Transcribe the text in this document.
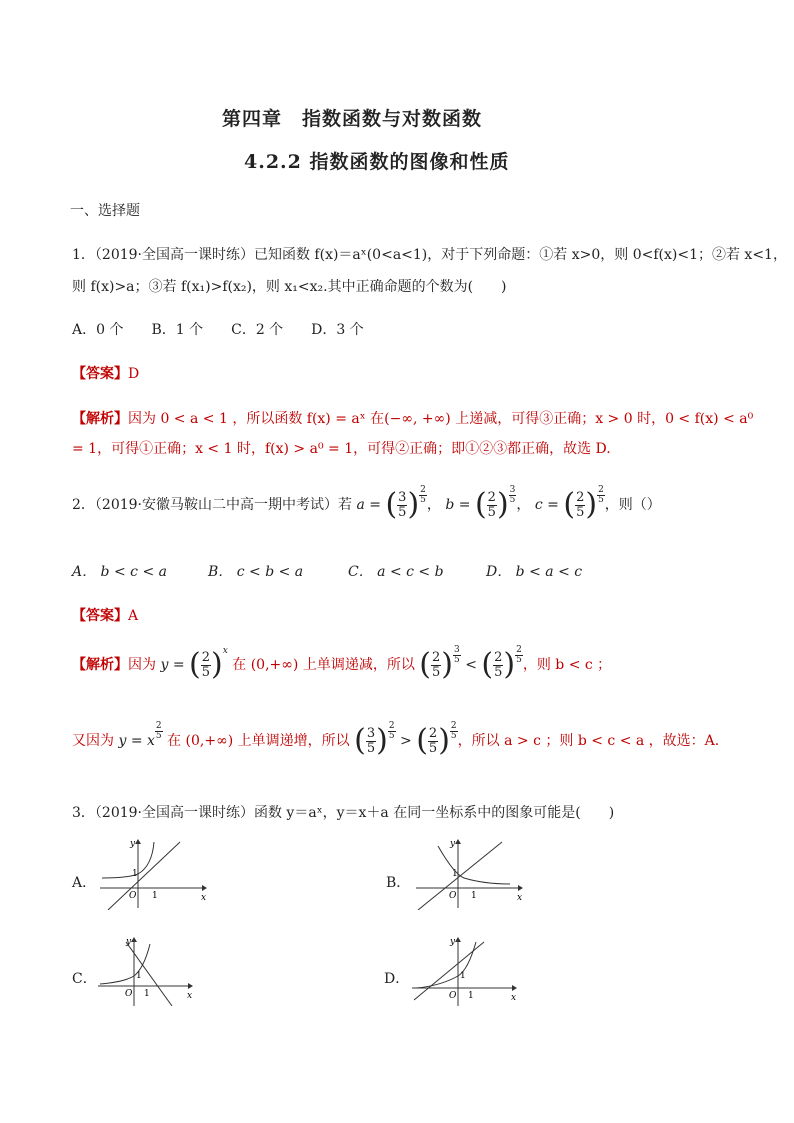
第四章　指数函数与对数函数
4.2.2 指数函数的图像和性质
一、选择题
1．（2019·全国高一课时练）已知函数 f(x)＝aˣ(0<a<1)，对于下列命题：①若 x>0，则 0<f(x)<1；②若 x<1，
则 f(x)>a；③若 f(x₁)>f(x₂)，则 x₁<x₂.其中正确命题的个数为(　　)
A．0 个　　B．1 个　　C．2 个　　D．3 个
【答案】D
【解析】因为 0 < a < 1 ，所以函数 f(x) = aˣ 在(−∞, +∞) 上递减，可得③正确；x > 0 时，0 < f(x) < a⁰
= 1，可得①正确；x < 1 时，f(x) > a⁰ = 1，可得②正确；即①②③都正确，故选 D.
2．（2019·安徽马鞍山二中高一期中考试）若 a = ( $\frac{3}{5}$ ) $\frac{2}{5}$ ， b = ( $\frac{2}{5}$ ) $\frac{3}{5}$ ， c = ( $\frac{2}{5}$ ) $\frac{2}{5}$ ，则（）
A． b < c < a	B． c < b < a	C． a < c < b	D． b < a < c
【答案】A
【解析】因为 y = ( $\frac{2}{5} )^x$ 在 (0,+∞) 上单调递减，所以 ( $\frac{2}{5}$ ) $\frac{3}{5}$ < ( $\frac{2}{5}$ ) $\frac{2}{5}$ ，则 b < c ；
又因为 y = x $\frac{2}{5}$ 在 (0,+∞) 上单调递增，所以 ( $\frac{3}{5}$ ) $\frac{2}{5}$ > ( $\frac{2}{5}$ ) $\frac{2}{5}$ ，所以 a > c ；则 b < c < a ，故选：A.
3．（2019·全国高一课时练）函数 y＝aˣ，y＝x＋a 在同一坐标系中的图象可能是(　　)
A．	B．
C．	D．
y
x
O 1
1
y
x
O 1
1
y
x
O 1
1
y
x
O 1
1
